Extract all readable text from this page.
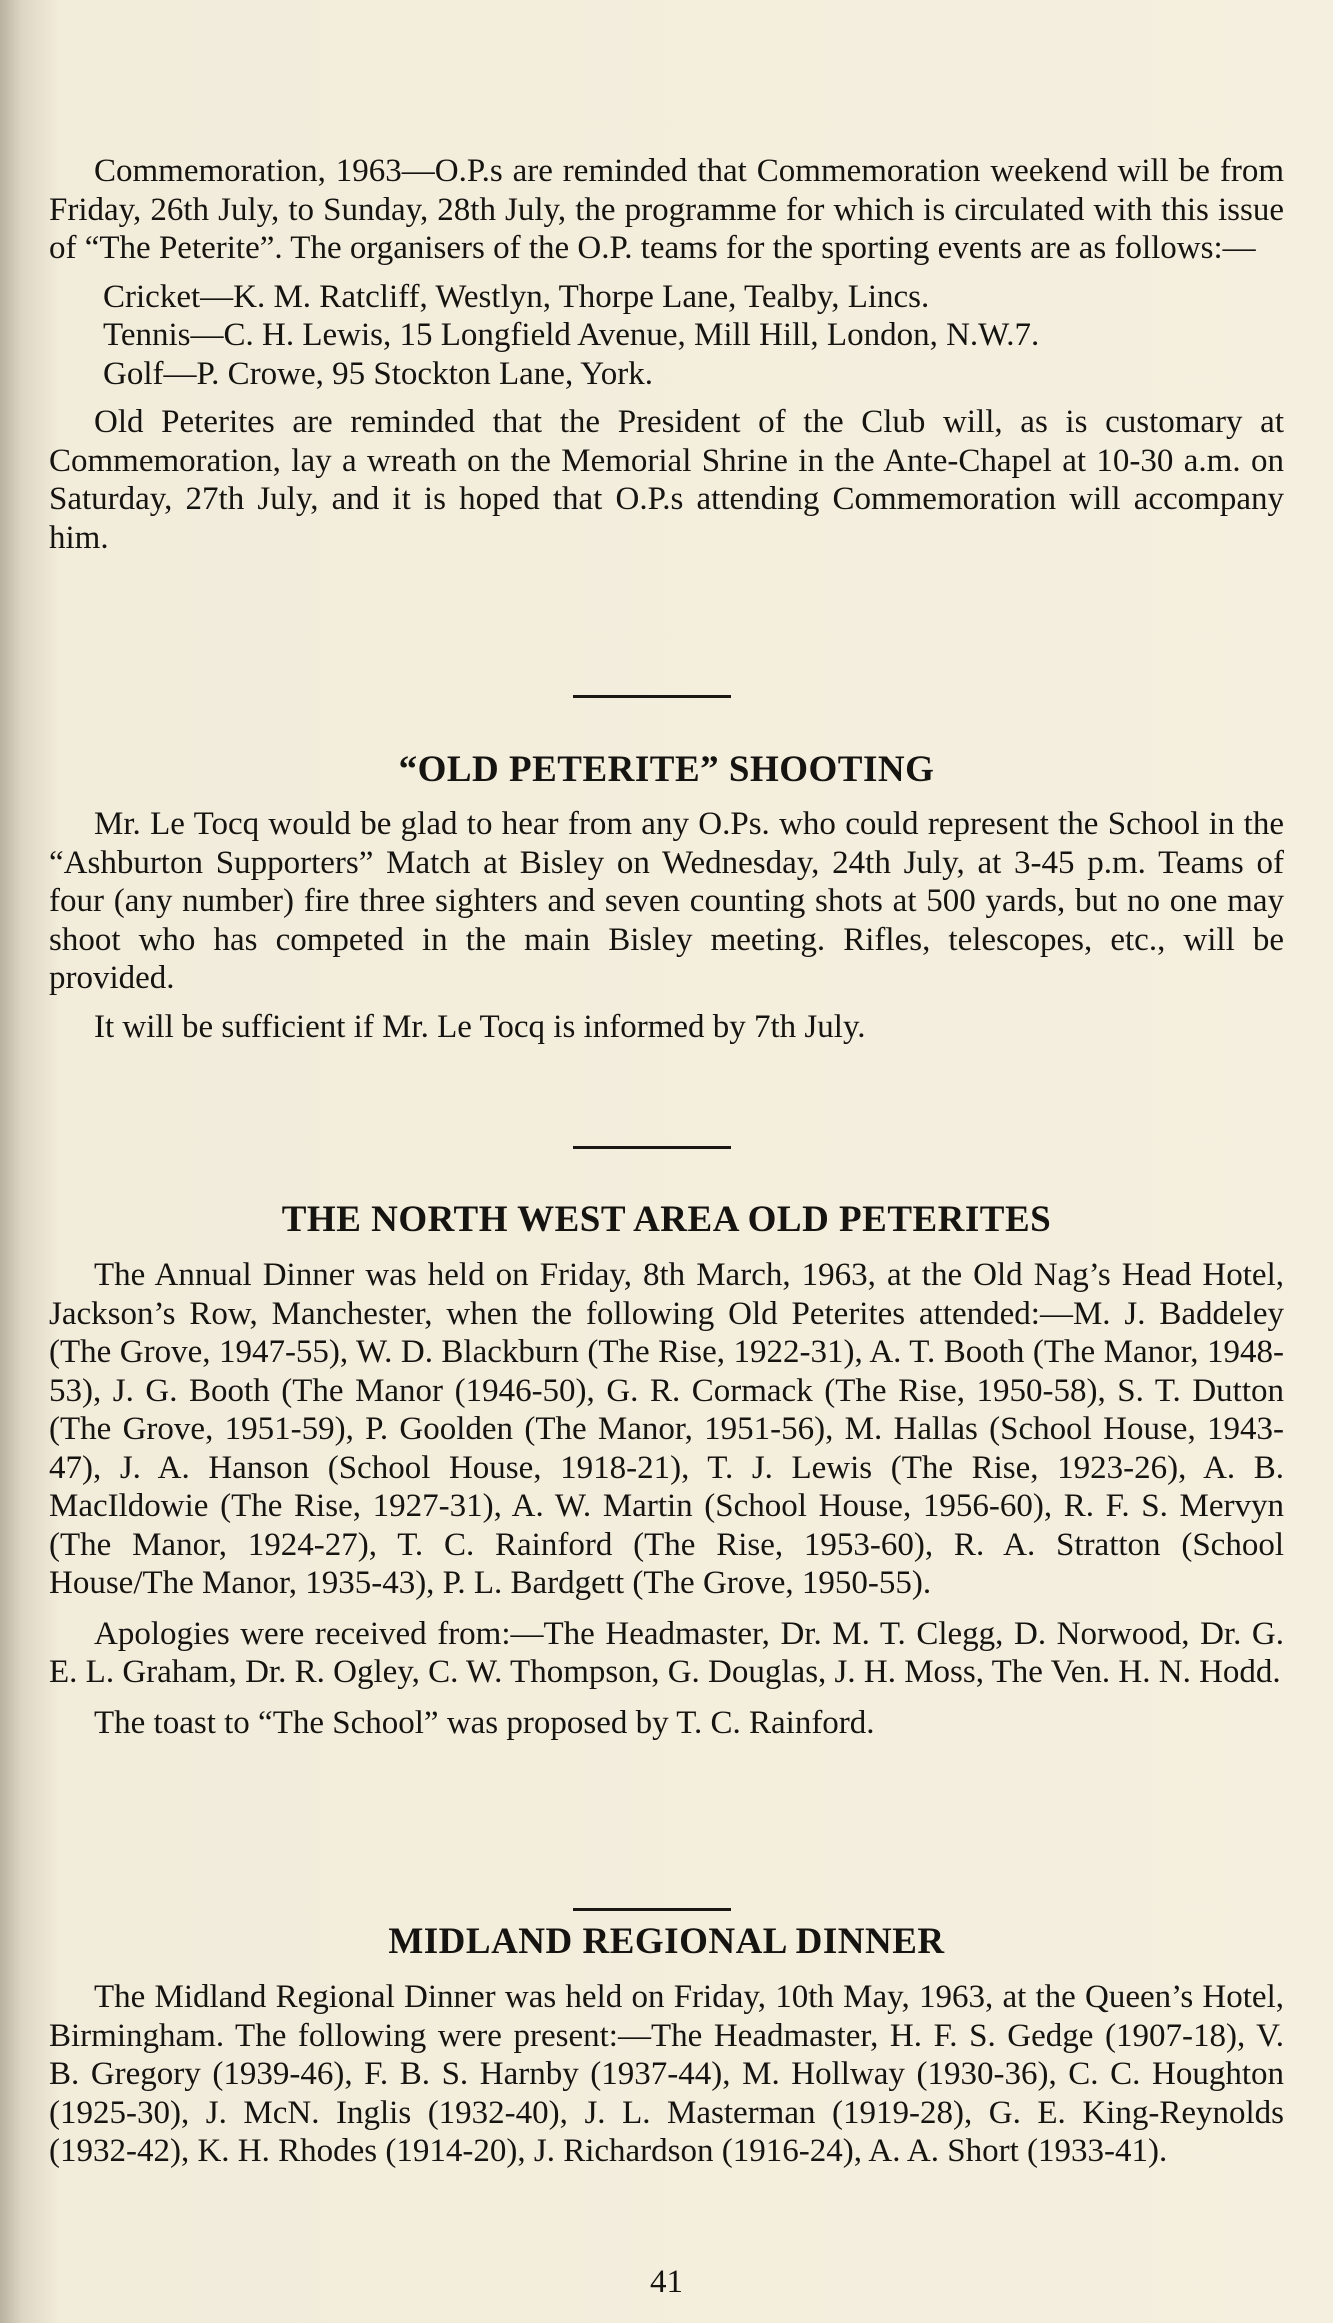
Commemoration, 1963—O.P.s are reminded that Commemoration weekend will be from Friday, 26th July, to Sunday, 28th July, the programme for which is circulated with this issue of “The Peterite”. The organisers of the O.P. teams for the sporting events are as follows:—

Cricket—K. M. Ratcliff, Westlyn, Thorpe Lane, Tealby, Lincs.

Tennis—C. H. Lewis, 15 Longfield Avenue, Mill Hill, London, N.W.7.

Golf—P. Crowe, 95 Stockton Lane, York.

Old Peterites are reminded that the President of the Club will, as is customary at Commemoration, lay a wreath on the Memorial Shrine in the Ante-Chapel at 10-30 a.m. on Saturday, 27th July, and it is hoped that O.P.s attending Commemoration will accompany him.

“OLD PETERITE” SHOOTING

Mr. Le Tocq would be glad to hear from any O.Ps. who could represent the School in the “Ashburton Supporters” Match at Bisley on Wednesday, 24th July, at 3-45 p.m. Teams of four (any number) fire three sighters and seven counting shots at 500 yards, but no one may shoot who has competed in the main Bisley meeting. Rifles, telescopes, etc., will be provided.

It will be sufficient if Mr. Le Tocq is informed by 7th July.

THE NORTH WEST AREA OLD PETERITES

The Annual Dinner was held on Friday, 8th March, 1963, at the Old Nag’s Head Hotel, Jackson’s Row, Manchester, when the following Old Peterites attended:—M. J. Baddeley (The Grove, 1947-55), W. D. Blackburn (The Rise, 1922-31), A. T. Booth (The Manor, 1948-53), J. G. Booth (The Manor (1946-50), G. R. Cormack (The Rise, 1950-58), S. T. Dutton (The Grove, 1951-59), P. Goolden (The Manor, 1951-56), M. Hallas (School House, 1943-47), J. A. Hanson (School House, 1918-21), T. J. Lewis (The Rise, 1923-26), A. B. MacIldowie (The Rise, 1927-31), A. W. Martin (School House, 1956-60), R. F. S. Mervyn (The Manor, 1924-27), T. C. Rainford (The Rise, 1953-60), R. A. Stratton (School House/The Manor, 1935-43), P. L. Bardgett (The Grove, 1950-55).

Apologies were received from:—The Headmaster, Dr. M. T. Clegg, D. Norwood, Dr. G. E. L. Graham, Dr. R. Ogley, C. W. Thompson, G. Douglas, J. H. Moss, The Ven. H. N. Hodd.

The toast to “The School” was proposed by T. C. Rainford.

MIDLAND REGIONAL DINNER

The Midland Regional Dinner was held on Friday, 10th May, 1963, at the Queen’s Hotel, Birmingham. The following were present:—The Headmaster, H. F. S. Gedge (1907-18), V. B. Gregory (1939-46), F. B. S. Harnby (1937-44), M. Hollway (1930-36), C. C. Houghton (1925-30), J. McN. Inglis (1932-40), J. L. Masterman (1919-28), G. E. King-Reynolds (1932-42), K. H. Rhodes (1914-20), J. Richardson (1916-24), A. A. Short (1933-41).

41
